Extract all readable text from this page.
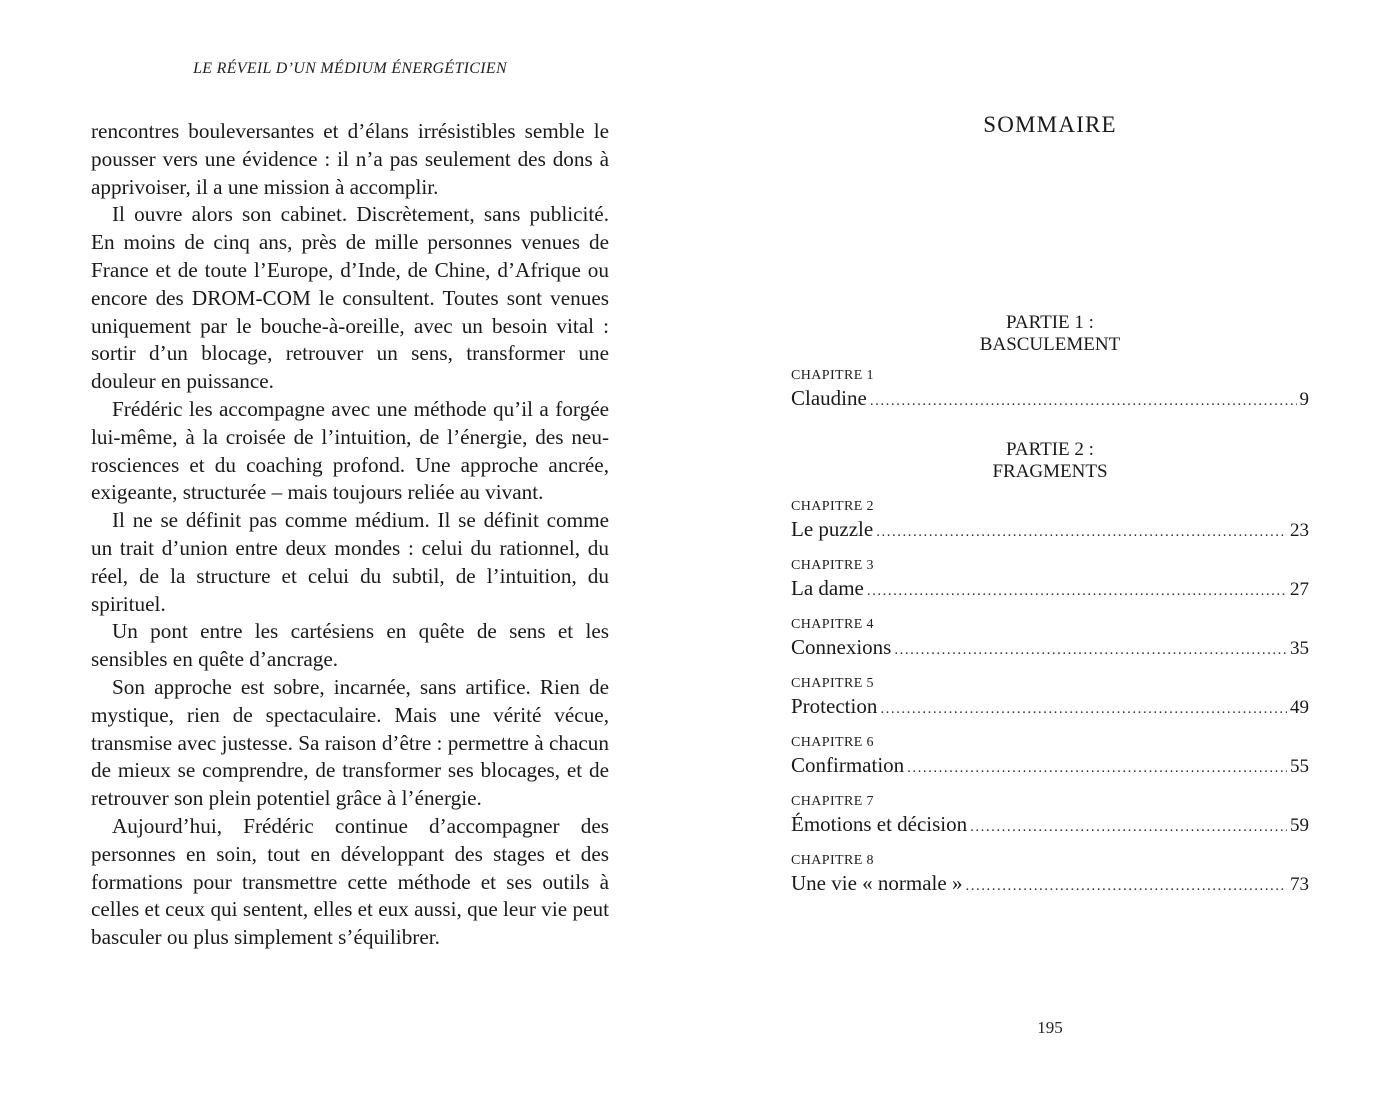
LE RÉVEIL D’UN MÉDIUM ÉNERGÉTICIEN

rencontres bouleversantes et d’élans irrésistibles semble le pousser vers une évidence : il n’a pas seulement des dons à apprivoiser, il a une mission à accomplir.

Il ouvre alors son cabinet. Discrètement, sans publicité. En moins de cinq ans, près de mille personnes venues de France et de toute l’Europe, d’Inde, de Chine, d’Afrique ou encore des DROM-COM le consultent. Toutes sont venues uniquement par le bouche-à-oreille, avec un besoin vital : sortir d’un blocage, retrouver un sens, transformer une douleur en puissance.

Frédéric les accompagne avec une méthode qu’il a forgée lui-même, à la croisée de l’intuition, de l’énergie, des neurosciences et du coaching profond. Une approche ancrée, exigeante, structurée – mais toujours reliée au vivant.

Il ne se définit pas comme médium. Il se définit comme un trait d’union entre deux mondes : celui du rationnel, du réel, de la structure et celui du subtil, de l’intuition, du spirituel.

Un pont entre les cartésiens en quête de sens et les sensibles en quête d’ancrage.

Son approche est sobre, incarnée, sans artifice. Rien de mystique, rien de spectaculaire. Mais une vérité vécue, transmise avec justesse. Sa raison d’être : permettre à chacun de mieux se comprendre, de transformer ses blocages, et de retrouver son plein potentiel grâce à l’énergie.

Aujourd’hui, Frédéric continue d’accompagner des personnes en soin, tout en développant des stages et des formations pour transmettre cette méthode et ses outils à celles et ceux qui sentent, elles et eux aussi, que leur vie peut basculer ou plus simplement s’équilibrer.

SOMMAIRE
PARTIE 1 :
BASCULEMENT
CHAPITRE 1
Claudine .....	9
PARTIE 2 :
FRAGMENTS
CHAPITRE 2
Le puzzle .....	23
CHAPITRE 3
La dame .....	27
CHAPITRE 4
Connexions .....	35
CHAPITRE 5
Protection .....	49
CHAPITRE 6
Confirmation .....	55
CHAPITRE 7
Émotions et décision .....	59
CHAPITRE 8
Une vie « normale » .....	73
195
